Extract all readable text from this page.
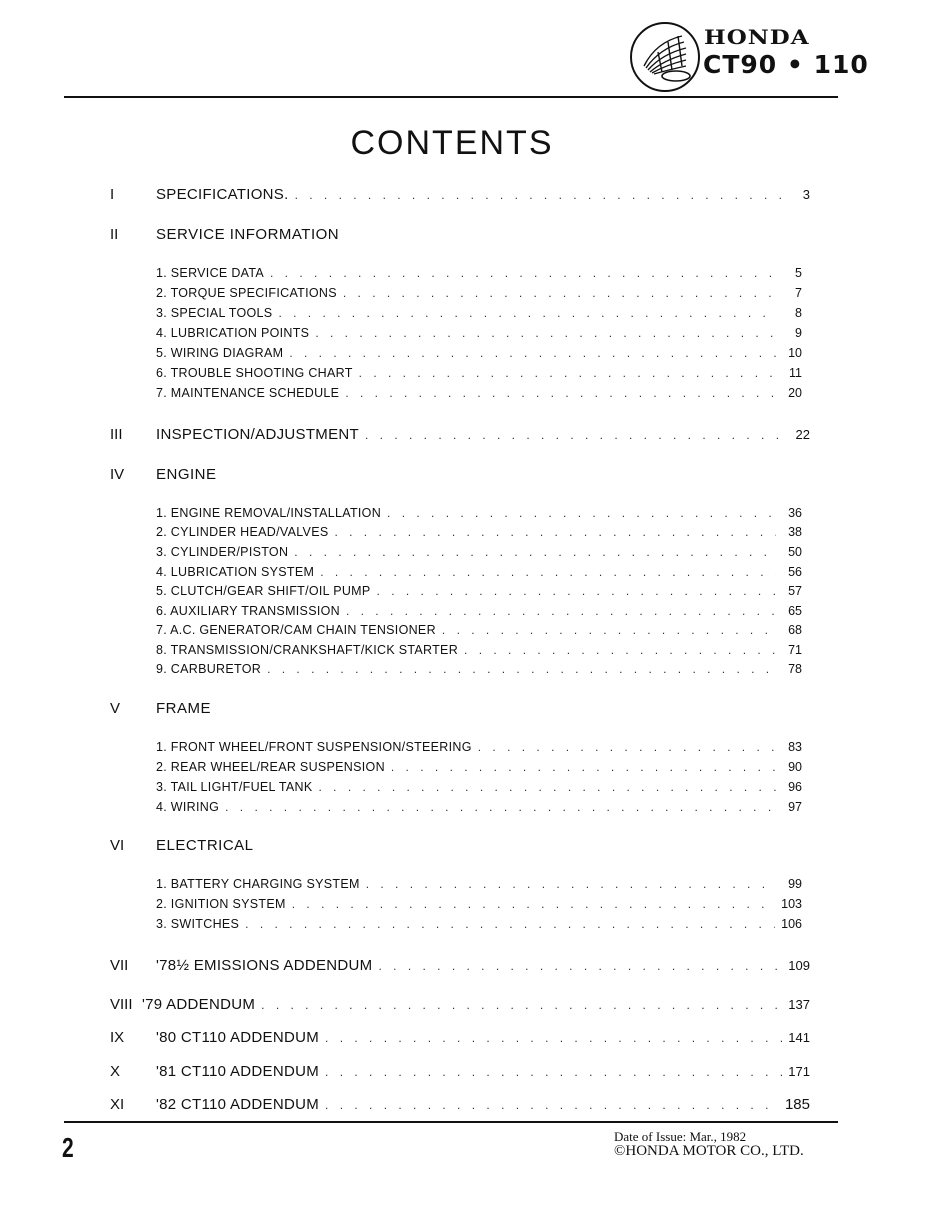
HONDA
CT90 • 110
CONTENTS
I	SPECIFICATIONS. . . .	3
II	SERVICE INFORMATION
1. SERVICE DATA . . .	5
2. TORQUE SPECIFICATIONS . . .	7
3. SPECIAL TOOLS . . .	8
4. LUBRICATION POINTS . . .	9
5. WIRING DIAGRAM . . .	10
6. TROUBLE SHOOTING CHART . . .	11
7. MAINTENANCE SCHEDULE . . .	20
III	INSPECTION/ADJUSTMENT . . .	22
IV	ENGINE
1. ENGINE REMOVAL/INSTALLATION . . .	36
2. CYLINDER HEAD/VALVES . . .	38
3. CYLINDER/PISTON . . .	50
4. LUBRICATION SYSTEM . . .	56
5. CLUTCH/GEAR SHIFT/OIL PUMP . . .	57
6. AUXILIARY TRANSMISSION . . .	65
7. A.C. GENERATOR/CAM CHAIN TENSIONER . . .	68
8. TRANSMISSION/CRANKSHAFT/KICK STARTER . . .	71
9. CARBURETOR . . .	78
V	FRAME
1. FRONT WHEEL/FRONT SUSPENSION/STEERING . . .	83
2. REAR WHEEL/REAR SUSPENSION . . .	90
3. TAIL LIGHT/FUEL TANK . . .	96
4. WIRING . . .	97
VI	ELECTRICAL
1. BATTERY CHARGING SYSTEM . . .	99
2. IGNITION SYSTEM . . .	103
3. SWITCHES . . .	106
VII	'78½ EMISSIONS ADDENDUM . . .	109
VIII '79 ADDENDUM . . .	137
IX	'80 CT110 ADDENDUM . . .	141
X	'81 CT110 ADDENDUM . . .	171
XI	'82 CT110 ADDENDUM . . .	185
2	Date of Issue: Mar., 1982
©HONDA MOTOR CO., LTD.
